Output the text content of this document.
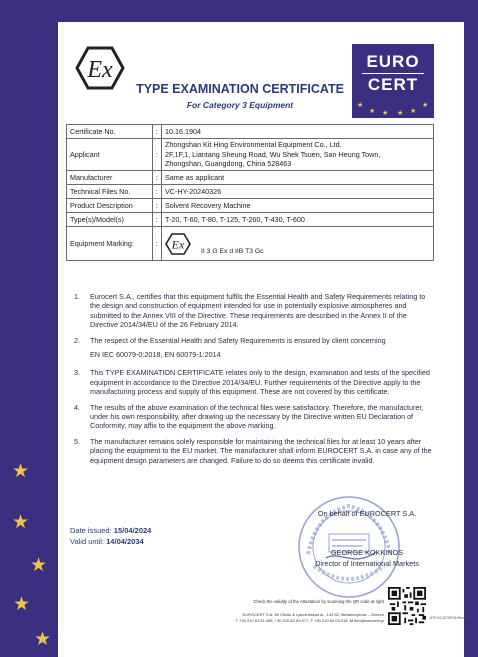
★
★
★
★
★
Ex	EURO
CERT
★
★ ★ ★ ★
★
TYPE EXAMINATION CERTIFICATE
For Category 3 Equipment
Certificate No.	:	10.16.1904
Applicant	:	Zhongshan Kit Hing Environmental Equipment Co., Ltd.
2F,1F,1, Liantang Sheung Road, Wu Shek Tsuen, San Heung Town,
Zhongshan, Guangdong, China 528463

Manufacturer	:	Same as applicant
Technical Files No.	:	VC-HY-20240326
Product Description	:	Solvent Recovery Machine
Type(s)/Model(s)	:	T-20, T-60, T-80, T-125, T-260, T-430, T-600
Equipment Marking:	:	Ex II 3 G Ex d IIB T3 Gc
1. Eurocert S.A., certifies that this equipment fulfils the Essential Health and Safety Requirements relating to the design and construction of equipment intended for use in potentially explosive atmospheres and submitted to the Annex VIII of the Directive. These requirements are described in the Annex II of the Directive 2014/34/EU of the 26 February 2014.
2. The respect of the Essential Health and Safety Requirements is ensured by client concerning
EN IEC 60079-0:2018, EN 60079-1:2014
3. This TYPE EXAMINATION CERTIFICATE relates only to the design, examination and tests of the specified equipment in accordance to the Directive 2014/34/EU. Further requirements of the Directive apply to the manufacturing process and supply of this equipment. These are not covered by this certificate.
4. The results of the above examination of the technical files were satisfactory. Therefore, the manufacturer, under his own responsibility, after drawing up the necessary by the Directive written EU Declaration of Conformity, may affix to the equipment the above marking.
5. The manufacturer remains solely responsible for maintaining the technical files for at least 10 years after placing the equipment to the EU market. The manufacturer shall inform EUROCERT S.A. in case any of the equipment design parameters are changed. Failure to do so deems this certificate invalid.
Date issued: 15/04/2024
Valid until: 14/04/2034
On behalf of EUROCERT S.A.
GEORGE KOKKINOS
Director of International Markets
Check the validity of the Attestation by scanning the QR code at right
EUROCERT S.A. 89 Chlois & Lykovrisseos st., 144 52, Metamorphosi – Greece
T +30 210 61.51.495, +30 210 62.53.977, F +30 210 62.03.018, M info@eurocert.gr	ATEX/CAT3/R01/Rev.21
